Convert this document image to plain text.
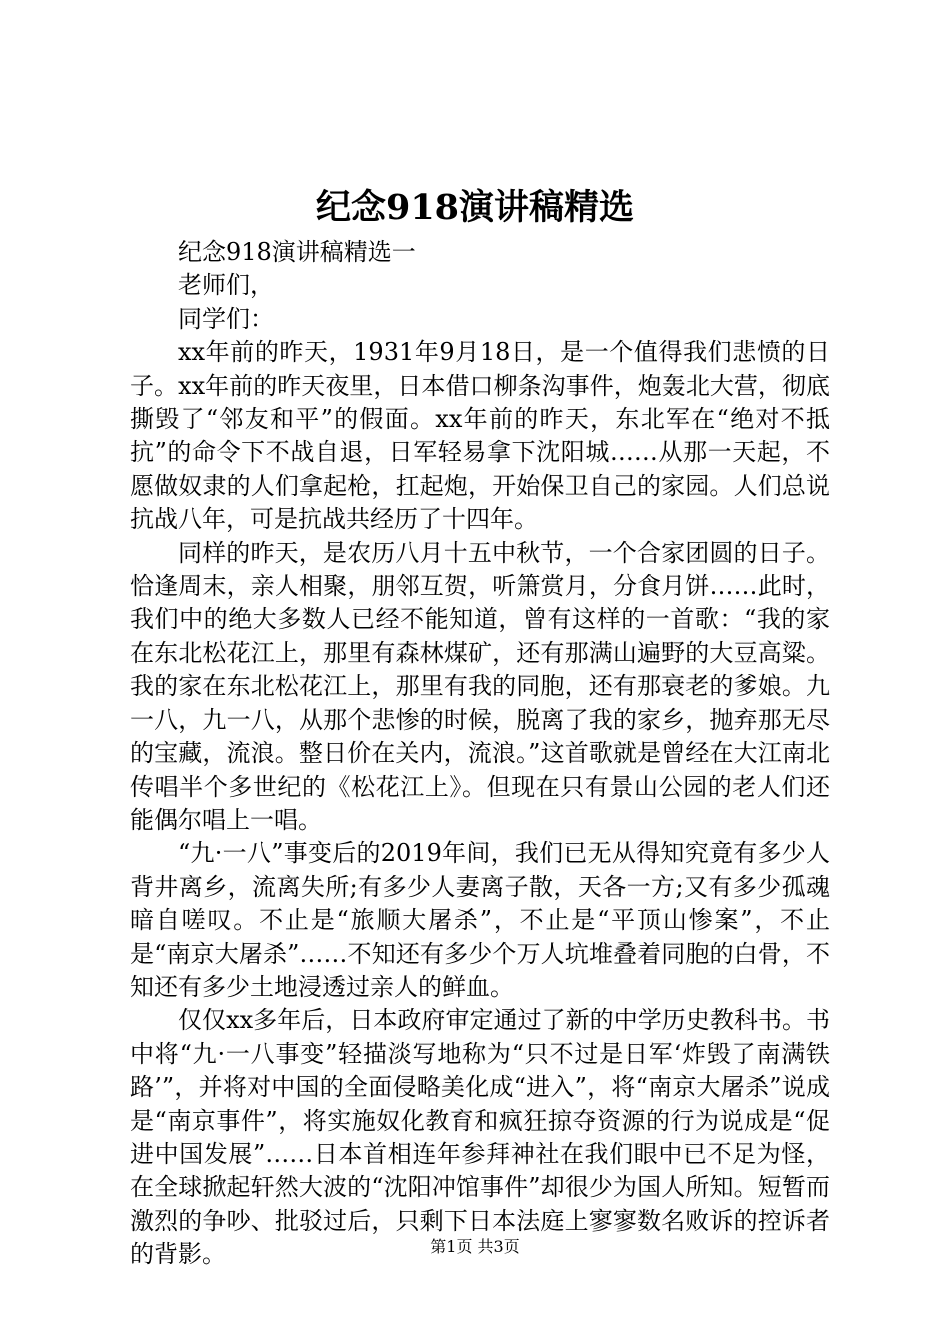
纪念918演讲稿精选

纪念918演讲稿精选一

老师们，

同学们：

xx年前的昨天，1931年9月18日，是一个值得我们悲愤的日子。xx年前的昨天夜里，日本借口柳条沟事件，炮轰北大营，彻底撕毁了“邻友和平”的假面。xx年前的昨天，东北军在“绝对不抵抗”的命令下不战自退，日军轻易拿下沈阳城……从那一天起，不愿做奴隶的人们拿起枪，扛起炮，开始保卫自己的家园。人们总说抗战八年，可是抗战共经历了十四年。

同样的昨天，是农历八月十五中秋节，一个合家团圆的日子。恰逢周末，亲人相聚，朋邻互贺，听箫赏月，分食月饼……此时，我们中的绝大多数人已经不能知道，曾有这样的一首歌：“我的家在东北松花江上，那里有森林煤矿，还有那满山遍野的大豆高粱。我的家在东北松花江上，那里有我的同胞，还有那衰老的爹娘。九一八，九一八，从那个悲惨的时候，脱离了我的家乡，抛弃那无尽的宝藏，流浪。整日价在关内，流浪。”这首歌就是曾经在大江南北传唱半个多世纪的《松花江上》。但现在只有景山公园的老人们还能偶尔唱上一唱。

“九·一八”事变后的2019年间，我们已无从得知究竟有多少人背井离乡，流离失所;有多少人妻离子散，天各一方;又有多少孤魂暗自嗟叹。不止是“旅顺大屠杀”，不止是“平顶山惨案”，不止是“南京大屠杀”……不知还有多少个万人坑堆叠着同胞的白骨，不知还有多少土地浸透过亲人的鲜血。

仅仅xx多年后，日本政府审定通过了新的中学历史教科书。书中将“九·一八事变”轻描淡写地称为“只不过是日军‘炸毁了南满铁路’”，并将对中国的全面侵略美化成“进入”，将“南京大屠杀”说成是“南京事件”，将实施奴化教育和疯狂掠夺资源的行为说成是“促进中国发展”……日本首相连年参拜神社在我们眼中已不足为怪，在全球掀起轩然大波的“沈阳冲馆事件”却很少为国人所知。短暂而激烈的争吵、批驳过后，只剩下日本法庭上寥寥数名败诉的控诉者的背影。	第1页 共3页
